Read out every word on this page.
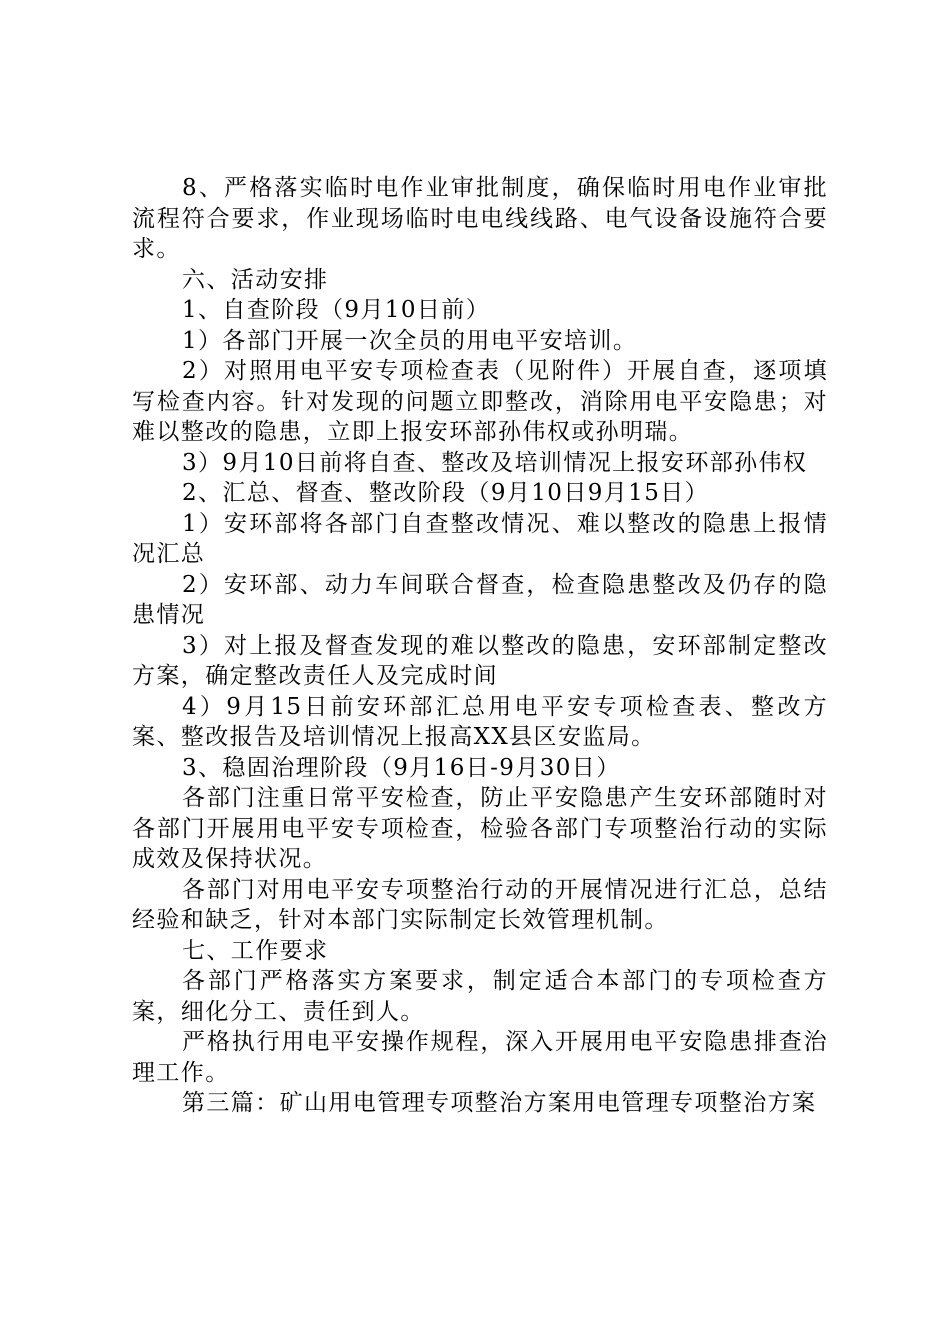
8、严格落实临时电作业审批制度，确保临时用电作业审批流程符合要求，作业现场临时电电线线路、电气设备设施符合要求。

六、活动安排

1、自查阶段（9月10日前）

1）各部门开展一次全员的用电平安培训。

2）对照用电平安专项检查表（见附件）开展自查，逐项填写检查内容。针对发现的问题立即整改，消除用电平安隐患；对难以整改的隐患，立即上报安环部孙伟权或孙明瑞。

3）9月10日前将自查、整改及培训情况上报安环部孙伟权

2、汇总、督查、整改阶段（9月10日9月15日）

1）安环部将各部门自查整改情况、难以整改的隐患上报情况汇总

2）安环部、动力车间联合督查，检查隐患整改及仍存的隐患情况

3）对上报及督查发现的难以整改的隐患，安环部制定整改方案，确定整改责任人及完成时间

4）9月15日前安环部汇总用电平安专项检查表、整改方案、整改报告及培训情况上报高XX县区安监局。

3、稳固治理阶段（9月16日-9月30日）

各部门注重日常平安检查，防止平安隐患产生安环部随时对各部门开展用电平安专项检查，检验各部门专项整治行动的实际成效及保持状况。

各部门对用电平安专项整治行动的开展情况进行汇总，总结经验和缺乏，针对本部门实际制定长效管理机制。

七、工作要求

各部门严格落实方案要求，制定适合本部门的专项检查方案，细化分工、责任到人。

严格执行用电平安操作规程，深入开展用电平安隐患排查治理工作。

第三篇：矿山用电管理专项整治方案用电管理专项整治方案
